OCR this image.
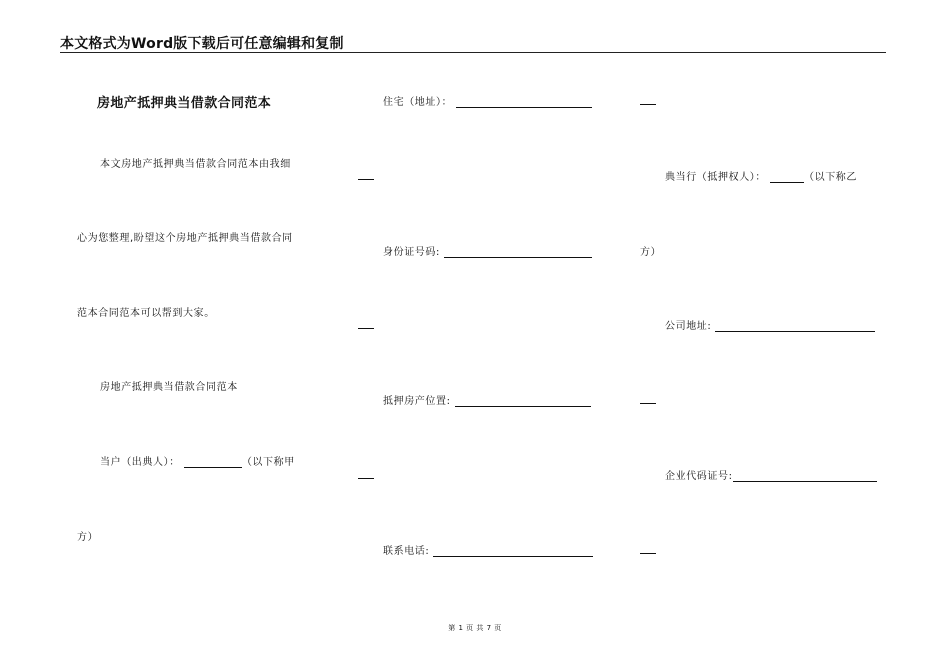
本文格式为Word版下载后可任意编辑和复制
房地产抵押典当借款合同范本
本文房地产抵押典当借款合同范本由我细
心为您整理,盼望这个房地产抵押典当借款合同
范本合同范本可以帮到大家。
房地产抵押典当借款合同范本
当户（出典人）：	（以下称甲
方）
住宅（地址）：
身份证号码:
抵押房产位置:
联系电话:
典当行（抵押权人）：	（以下称乙
方）
公司地址:
企业代码证号:
第 1 页 共 7 页
